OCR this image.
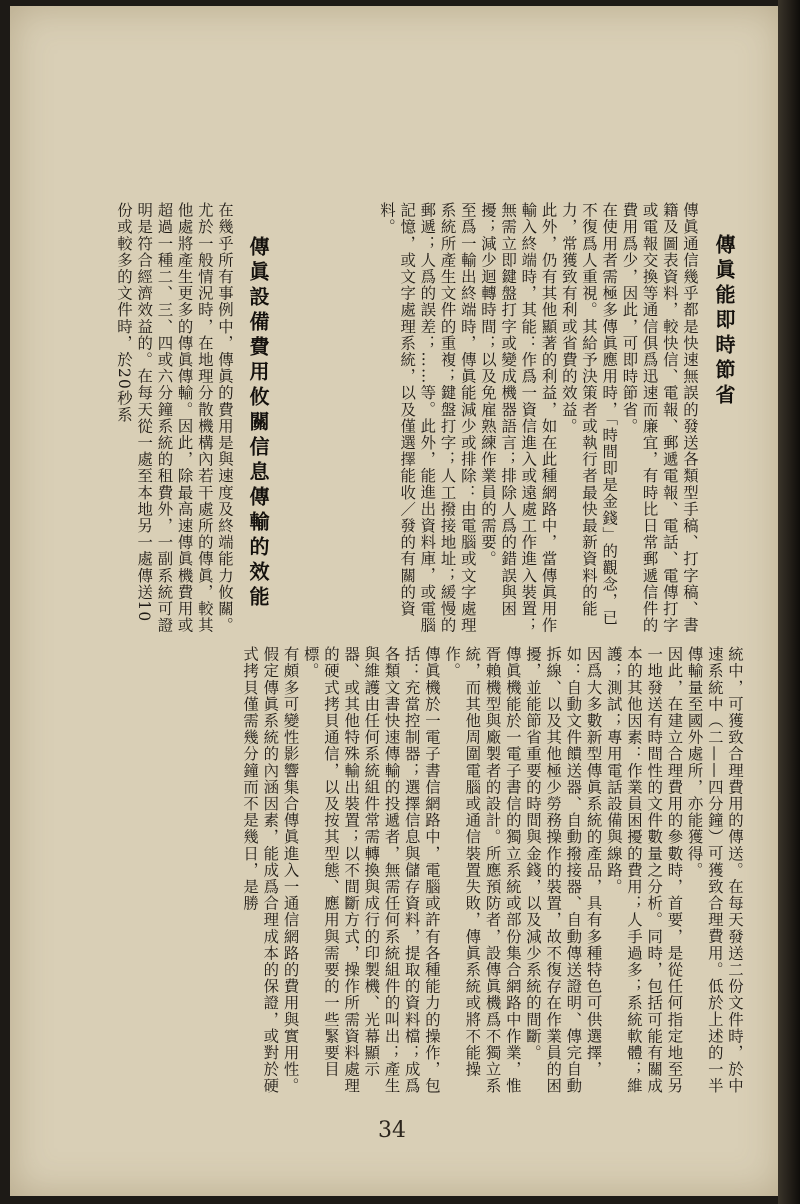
傳眞能即時節省
傳眞通信幾乎都是快速無誤的發送各類型手稿、打字稿、書籍及圖表資料，較快信、電報、郵遞電報、電話、電傳打字或電報交換等通信俱爲迅速而廉宜，有時比日常郵遞信件的費用爲少，因此，可即時節省。
在使用者需極多傳眞應用時，「時間即是金錢」的觀念，已不復爲人重視。其給予決策者或執行者最快最新資料的能力，常獲致有利或省費的效益。
此外，仍有其他顯著的利益，如在此種網路中，當傳眞用作輸入終端時，其能：作爲一資信進入或遠處工作進入裝置；無需立即鍵盤打字或變成機器語言；排除人爲的錯誤與困擾；減少迴轉時間；以及免雇熟練作業員的需要。
至爲一輸出終端時，傳眞能減少或排除：由電腦或文字處理系統所產生文件的重複；鍵盤打字；人工撥接地址；緩慢的郵遞；人爲的誤差；……等。此外，能進出資料庫，或電腦記憶，或文字處理系統，以及僅選擇能收／發的有關的資料。
傳眞設備費用攸關信息傳輸的效能
在幾乎所有事例中，傳眞的費用是與速度及終端能力攸關。尤於一般情況時，在地理分散機構內若干處所的傳眞，較其他處將產生更多的傳眞傳輸。因此，除最高速傳眞機費用或超過一種二、三、四或六分鐘系統的租費外，一副系統可證明是符合經濟效益的。在每天從一處至本地另一處傳送10份或較多的文件時，於20秒系
統中，可獲致合理費用的傳送。在每天發送二份文件時，於中速系統中（二——四分鐘）可獲致合理費用。低於上述的一半傳輸量至國外處所，亦能獲得。
因此，在建立合理費用的參數時，首要，是從任何指定地至另一地發送有時間性的文件數量之分析。同時，包括可能有關成本的其他因素：作業員困擾的費用；人手過多；系統軟體；維護；測試；專用電話設備與線路。
因爲大多數新型傳眞系統的產品，具有多種特色可供選擇，如：自動文件饋送器、自動撥接器、自動傳送證明、傳完自動拆線、以及其他極少勞務操作的裝置，故不復存在作業員的困擾，並能節省重要的時間與金錢，以及減少系統的間斷。
傳眞機能於一電子書信的獨立系統或部份集合網路中作業，惟胥賴機型與廠製者的設計。所應預防者，設傳眞機爲不獨立系統，而其他周圍電腦或通信裝置失敗，傳眞系統或將不能操作。
傳眞機於一電子書信網路中，電腦或許有各種能力的操作，包括：充當控制器；選擇信息與儲存資料，提取的資料檔；成爲各類文書快速傳輸的投遞者，無需任何系統組件的叫出；產生與維護由任何系統組件常需轉換與成行的印製機、光幕顯示器、或其他特殊輸出裝置；以不間斷方式，操作所需資料處理的硬式拷貝通信，以及按其型態、應用與需要的一些緊要目標。
有頗多可變性影響集合傳眞進入一通信網路的費用與實用性。假定傳眞系統的內涵因素，能成爲合理成本的保證，或對於硬式拷貝僅需幾分鐘而不是幾日，是勝
34
